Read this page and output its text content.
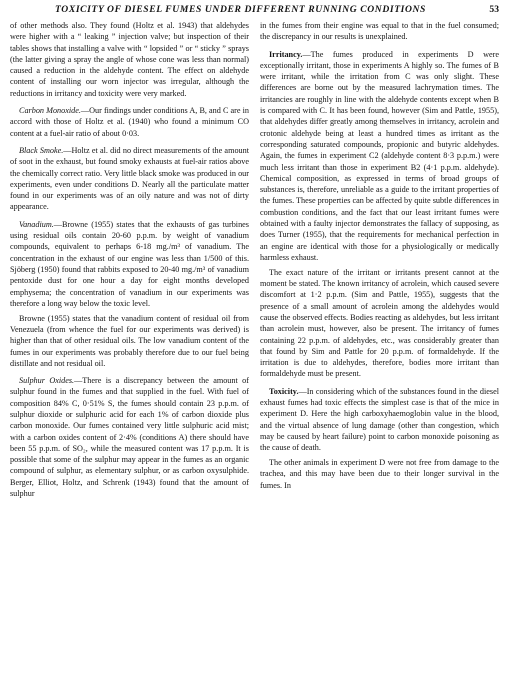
TOXICITY OF DIESEL FUMES UNDER DIFFERENT RUNNING CONDITIONS	53

of other methods also. They found (Holtz et al. 1943) that aldehydes were higher with a “ leaking ” injection valve; but inspection of their tables shows that installing a valve with “ lopsided ” or “ sticky ” sprays (the latter giving a spray the angle of whose cone was less than normal) caused a reduction in the aldehyde content. The effect on aldehyde content of installing our worn injector was irregular, although the reductions in irritancy and toxicity were very marked.

Carbon Monoxide.—Our findings under conditions A, B, and C are in accord with those of Holtz et al. (1940) who found a minimum CO content at a fuel-air ratio of about 0·03.

Black Smoke.—Holtz et al. did no direct measurements of the amount of soot in the exhaust, but found smoky exhausts at fuel-air ratios above the chemically correct ratio. Very little black smoke was produced in our experiments, even under conditions D. Nearly all the particulate matter found in our experiments was of an oily nature and was not of dirty appearance.

Vanadium.—Browne (1955) states that the exhausts of gas turbines using residual oils contain 20-60 p.p.m. by weight of vanadium compounds, equivalent to perhaps 6-18 mg./m³ of vanadium. The concentration in the exhaust of our engine was less than 1/500 of this. Sjöberg (1950) found that rabbits exposed to 20-40 mg./m³ of vanadium pentoxide dust for one hour a day for eight months developed emphysema; the concentration of vanadium in our experiments was therefore a long way below the toxic level.

Browne (1955) states that the vanadium content of residual oil from Venezuela (from whence the fuel for our experiments was derived) is higher than that of other residual oils. The low vanadium content of the fumes in our experiments was probably therefore due to our fuel being distillate and not residual oil.

Sulphur Oxides.—There is a discrepancy between the amount of sulphur found in the fumes and that supplied in the fuel. With fuel of composition 84% C, 0·51% S, the fumes should contain 23 p.p.m. of sulphur dioxide or sulphuric acid for each 1% of carbon dioxide plus carbon monoxide. Our fumes contained very little sulphuric acid mist; with a carbon oxides content of 2·4% (conditions A) there should have been 55 p.p.m. of SO₂, while the measured content was 17 p.p.m. It is possible that some of the sulphur may appear in the fumes as an organic compound of sulphur, as elementary sulphur, or as carbon oxysulphide. Berger, Elliot, Holtz, and Schrenk (1943) found that the amount of sulphur

in the fumes from their engine was equal to that in the fuel consumed; the discrepancy in our results is unexplained.

Irritancy.—The fumes produced in experiments D were exceptionally irritant, those in experiments A highly so. The fumes of B were irritant, while the irritation from C was only slight. These differences are borne out by the measured lachrymation times. The irritancies are roughly in line with the aldehyde contents except when B is compared with C. It has been found, however (Sim and Pattle, 1955), that aldehydes differ greatly among themselves in irritancy, acrolein and crotonic aldehyde being at least a hundred times as irritant as the corresponding saturated compounds, propionic and butyric aldehydes. Again, the fumes in experiment C2 (aldehyde content 8·3 p.p.m.) were much less irritant than those in experiment B2 (4·1 p.p.m. aldehyde). Chemical composition, as expressed in terms of broad groups of substances is, therefore, unreliable as a guide to the irritant properties of the fumes. These properties can be affected by quite subtle differences in combustion conditions, and the fact that our least irritant fumes were obtained with a faulty injector demonstrates the fallacy of supposing, as does Turner (1955), that the requirements for mechanical perfection in an engine are identical with those for a physiologically or medically harmless exhaust.

The exact nature of the irritant or irritants present cannot at the moment be stated. The known irritancy of acrolein, which caused severe discomfort at 1·2 p.p.m. (Sim and Pattle, 1955), suggests that the presence of a small amount of acrolein among the aldehydes would cause the observed effects. Bodies reacting as aldehydes, but less irritant than acrolein must, however, also be present. The irritancy of fumes containing 22 p.p.m. of aldehydes, etc., was considerably greater than that found by Sim and Pattle for 20 p.p.m. of formaldehyde. If the irritation is due to aldehydes, therefore, bodies more irritant than formaldehyde must be present.

Toxicity.—In considering which of the substances found in the diesel exhaust fumes had toxic effects the simplest case is that of the mice in experiment D. Here the high carboxyhaemoglobin value in the blood, and the virtual absence of lung damage (other than congestion, which may be caused by heart failure) point to carbon monoxide poisoning as the cause of death.

The other animals in experiment D were not free from damage to the trachea, and this may have been due to their longer survival in the fumes. In
